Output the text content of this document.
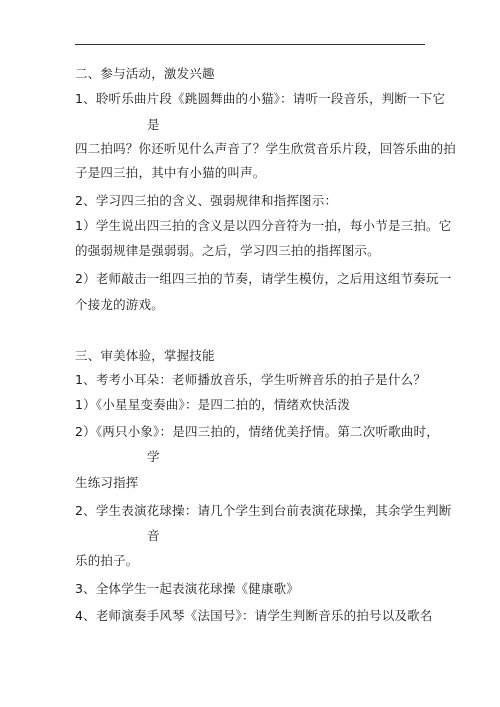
二、参与活动，激发兴趣
1、聆听乐曲片段《跳圆舞曲的小猫》：请听一段音乐，判断一下它
是
四二拍吗？你还听见什么声音了？学生欣赏音乐片段，回答乐曲的拍
子是四三拍，其中有小猫的叫声。
2、学习四三拍的含义、强弱规律和指挥图示：
1）学生说出四三拍的含义是以四分音符为一拍，每小节是三拍。它
的强弱规律是强弱弱。之后，学习四三拍的指挥图示。
2）老师敲击一组四三拍的节奏，请学生模仿，之后用这组节奏玩一
个接龙的游戏。
三、审美体验，掌握技能
1、考考小耳朵：老师播放音乐，学生听辨音乐的拍子是什么？
1）《小星星变奏曲》：是四二拍的，情绪欢快活泼
2）《两只小象》：是四三拍的，情绪优美抒情。第二次听歌曲时，
学
生练习指挥
2、学生表演花球操：请几个学生到台前表演花球操，其余学生判断
音
乐的拍子。
3、全体学生一起表演花球操《健康歌》
4、老师演奏手风琴《法国号》：请学生判断音乐的拍号以及歌名
